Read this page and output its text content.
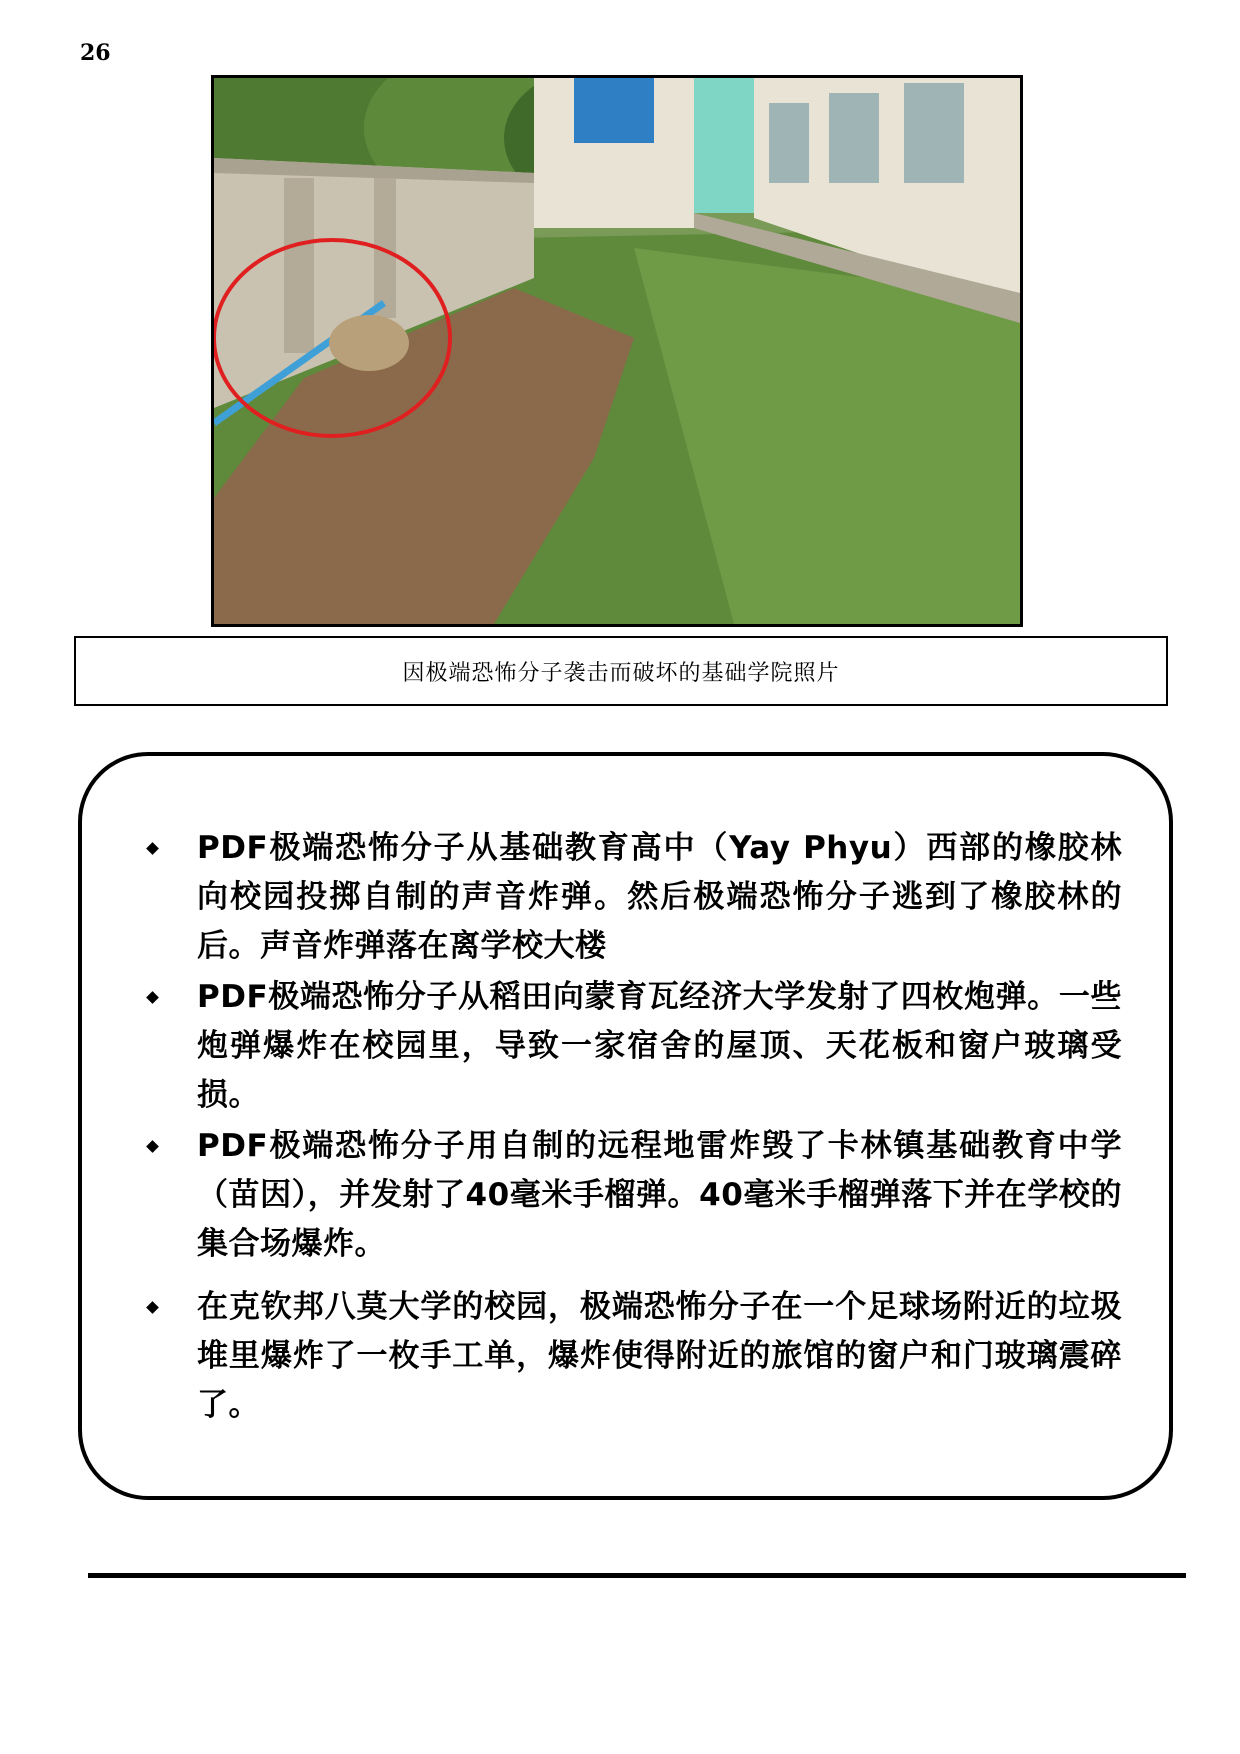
26
因极端恐怖分子袭击而破坏的基础学院照片
PDF极端恐怖分子从基础教育高中（Yay Phyu）西部的橡胶林向校园投掷自制的声音炸弹。然后极端恐怖分子逃到了橡胶林的后。声音炸弹落在离学校大楼
PDF极端恐怖分子从稻田向蒙育瓦经济大学发射了四枚炮弹。一些炮弹爆炸在校园里，导致一家宿舍的屋顶、天花板和窗户玻璃受损。
PDF极端恐怖分子用自制的远程地雷炸毁了卡林镇基础教育中学（苗因），并发射了40毫米手榴弹。40毫米手榴弹落下并在学校的集合场爆炸。
在克钦邦八莫大学的校园，极端恐怖分子在一个足球场附近的垃圾堆里爆炸了一枚手工单，爆炸使得附近的旅馆的窗户和门玻璃震碎了。
